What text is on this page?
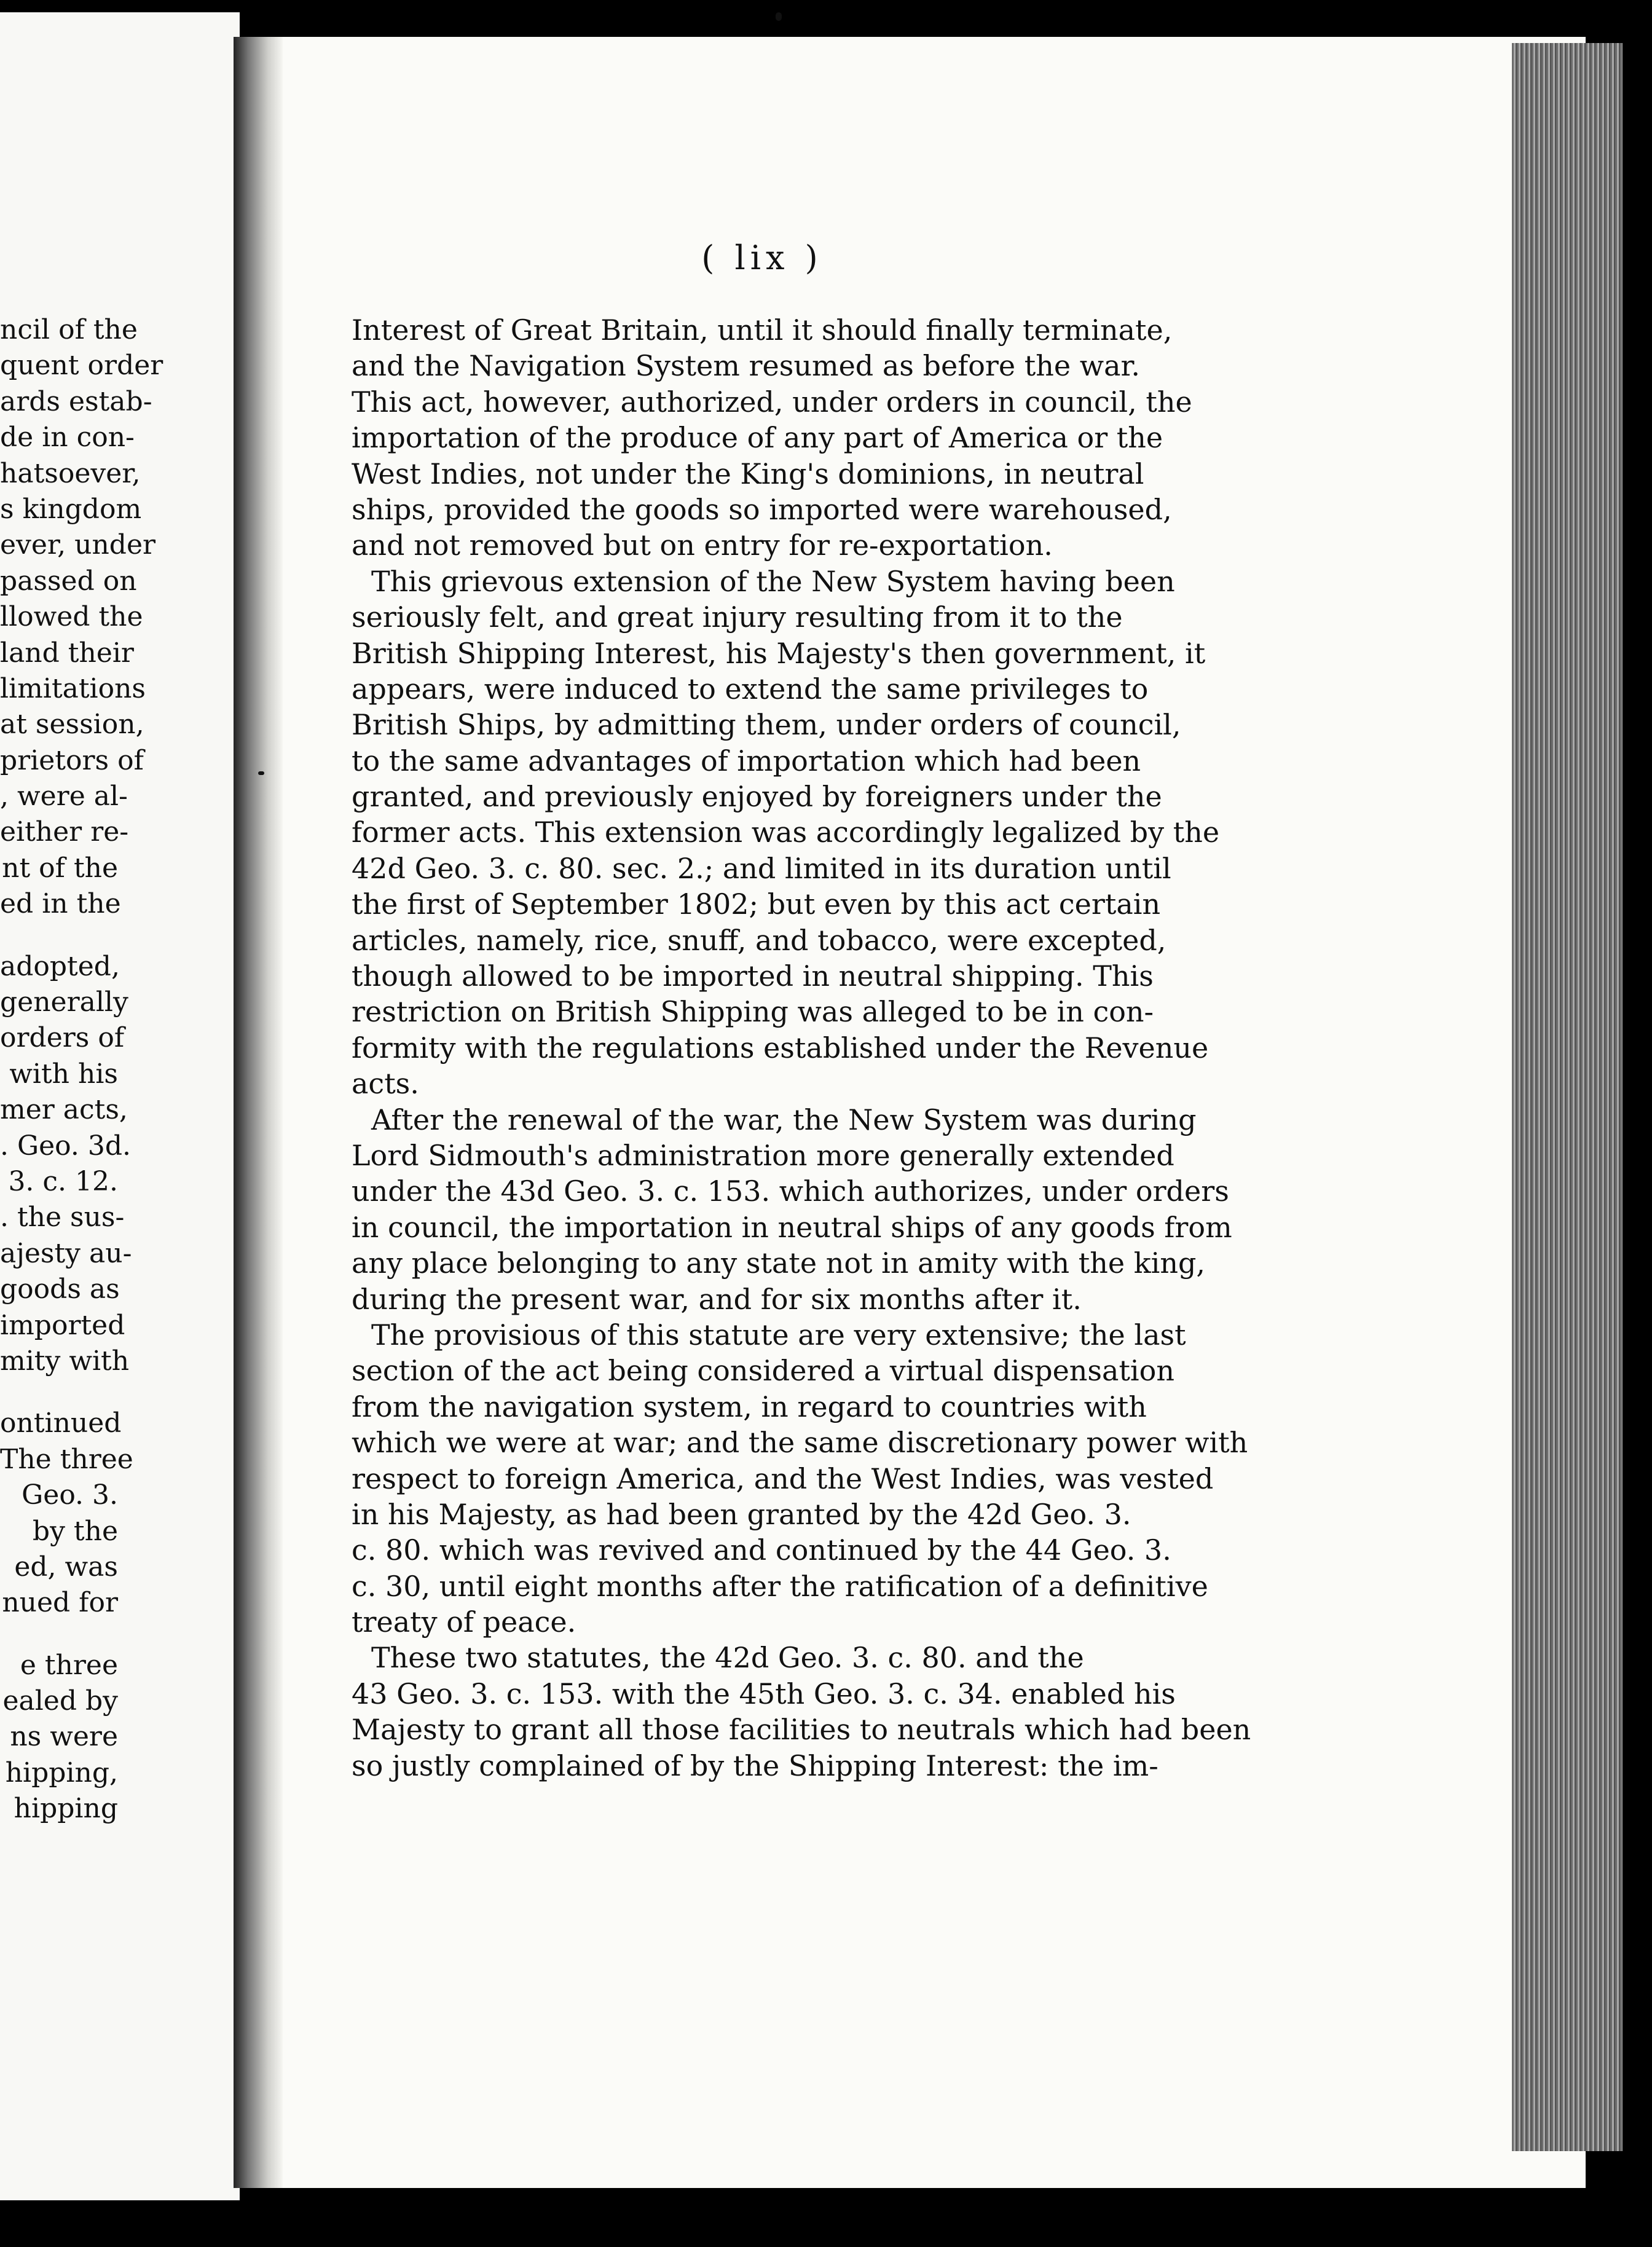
ncil of the
quent order
ards estab-
de in con-
hatsoever,
s kingdom
ever, under
passed on
llowed the
land their
limitations
at session,
prietors of
, were al-
either re-
nt of the
ed in the
adopted,
generally
orders of
with his
mer acts,
. Geo. 3d.
3. c. 12.
. the sus-
ajesty au-
goods as
imported
mity with
ontinued
The three
Geo. 3.
by the
ed, was
nued for
e three
ealed by
ns were
hipping,
hipping
( lix )
Interest of Great Britain, until it should finally terminate,
and the Navigation System resumed as before the war.
This act, however, authorized, under orders in council, the
importation of the produce of any part of America or the
West Indies, not under the King's dominions, in neutral
ships, provided the goods so imported were warehoused,
and not removed but on entry for re-exportation.
This grievous extension of the New System having been
seriously felt, and great injury resulting from it to the
British Shipping Interest, his Majesty's then government, it
appears, were induced to extend the same privileges to
British Ships, by admitting them, under orders of council,
to the same advantages of importation which had been
granted, and previously enjoyed by foreigners under the
former acts. This extension was accordingly legalized by the
42d Geo. 3. c. 80. sec. 2.; and limited in its duration until
the first of September 1802; but even by this act certain
articles, namely, rice, snuff, and tobacco, were excepted,
though allowed to be imported in neutral shipping. This
restriction on British Shipping was alleged to be in con-
formity with the regulations established under the Revenue
acts.
After the renewal of the war, the New System was during
Lord Sidmouth's administration more generally extended
under the 43d Geo. 3. c. 153. which authorizes, under orders
in council, the importation in neutral ships of any goods from
any place belonging to any state not in amity with the king,
during the present war, and for six months after it.
The provisious of this statute are very extensive; the last
section of the act being considered a virtual dispensation
from the navigation system, in regard to countries with
which we were at war; and the same discretionary power with
respect to foreign America, and the West Indies, was vested
in his Majesty, as had been granted by the 42d Geo. 3.
c. 80. which was revived and continued by the 44 Geo. 3.
c. 30, until eight months after the ratification of a definitive
treaty of peace.
These two statutes, the 42d Geo. 3. c. 80. and the
43 Geo. 3. c. 153. with the 45th Geo. 3. c. 34. enabled his
Majesty to grant all those facilities to neutrals which had been
so justly complained of by the Shipping Interest: the im-
